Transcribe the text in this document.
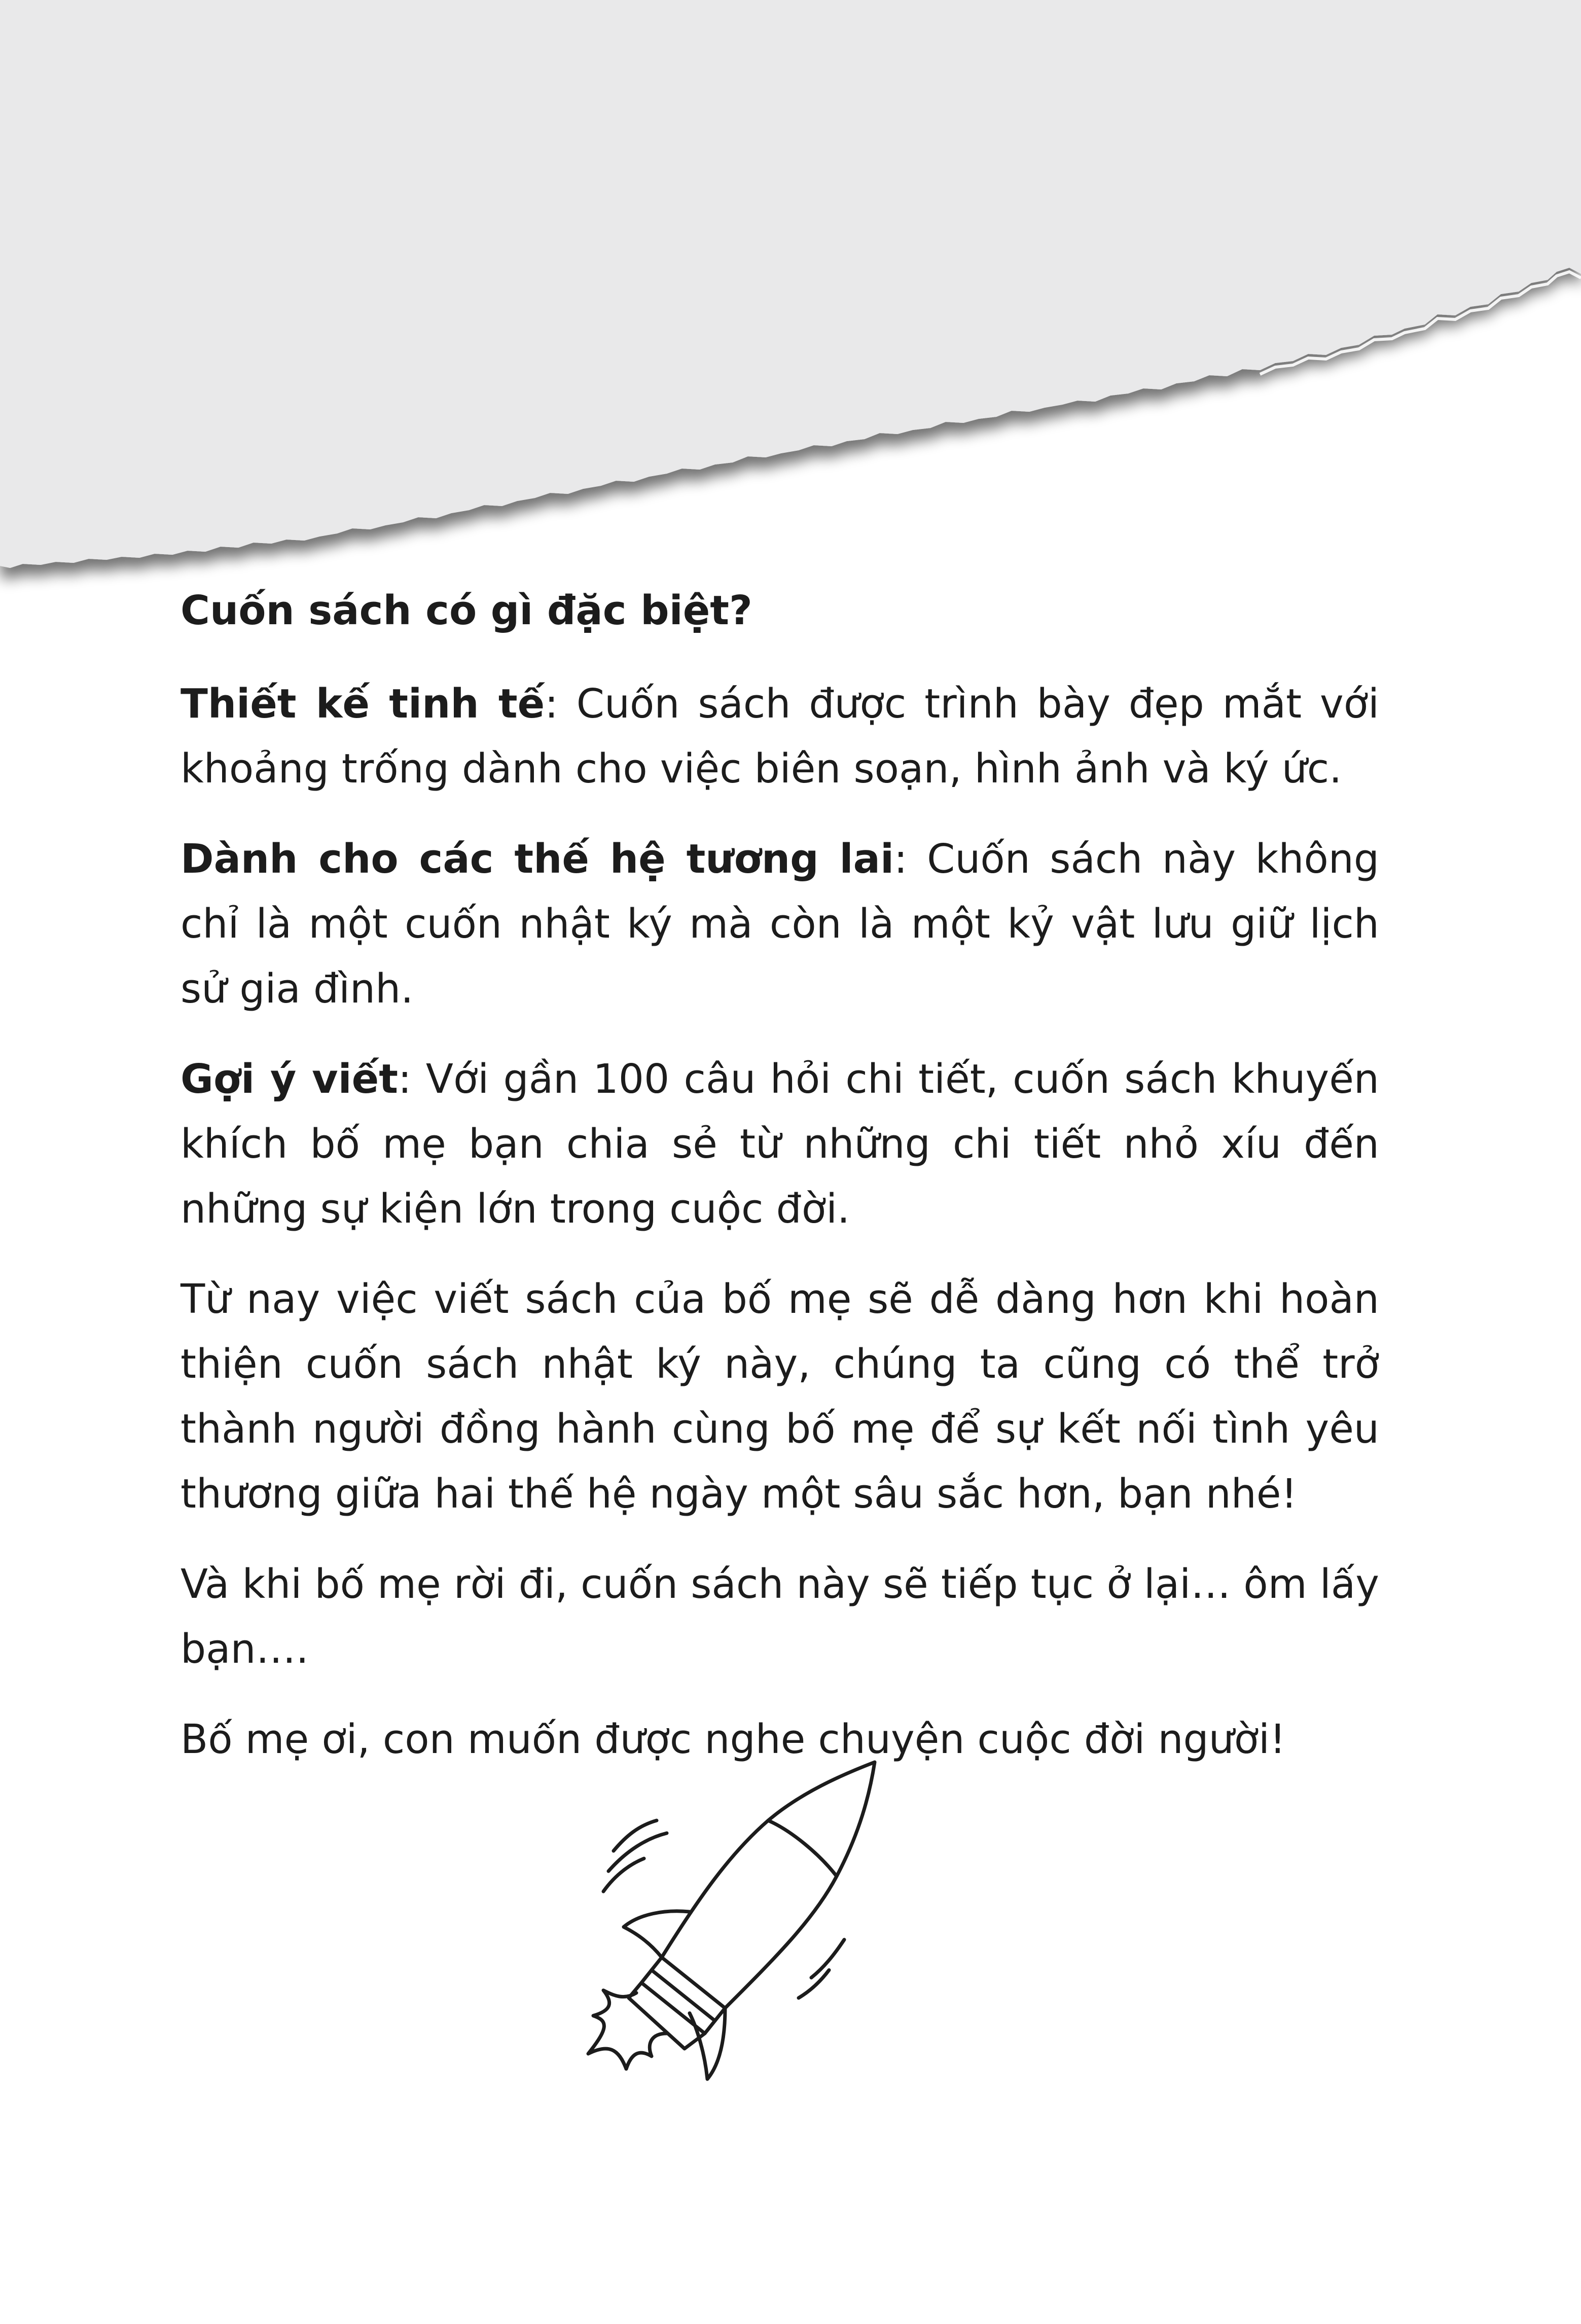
Cuốn sách có gì đặc biệt?

Thiết kế tinh tế: Cuốn sách được trình bày đẹp mắt với khoảng trống dành cho việc biên soạn, hình ảnh và ký ức.

Dành cho các thế hệ tương lai: Cuốn sách này không chỉ là một cuốn nhật ký mà còn là một kỷ vật lưu giữ lịch sử gia đình.

Gợi ý viết: Với gần 100 câu hỏi chi tiết, cuốn sách khuyến khích bố mẹ bạn chia sẻ từ những chi tiết nhỏ xíu đến những sự kiện lớn trong cuộc đời.

Từ nay việc viết sách của bố mẹ sẽ dễ dàng hơn khi hoàn thiện cuốn sách nhật ký này, chúng ta cũng có thể trở thành người đồng hành cùng bố mẹ để sự kết nối tình yêu thương giữa hai thế hệ ngày một sâu sắc hơn, bạn nhé!

Và khi bố mẹ rời đi, cuốn sách này sẽ tiếp tục ở lại… ôm lấy bạn….

Bố mẹ ơi, con muốn được nghe chuyện cuộc đời người!
